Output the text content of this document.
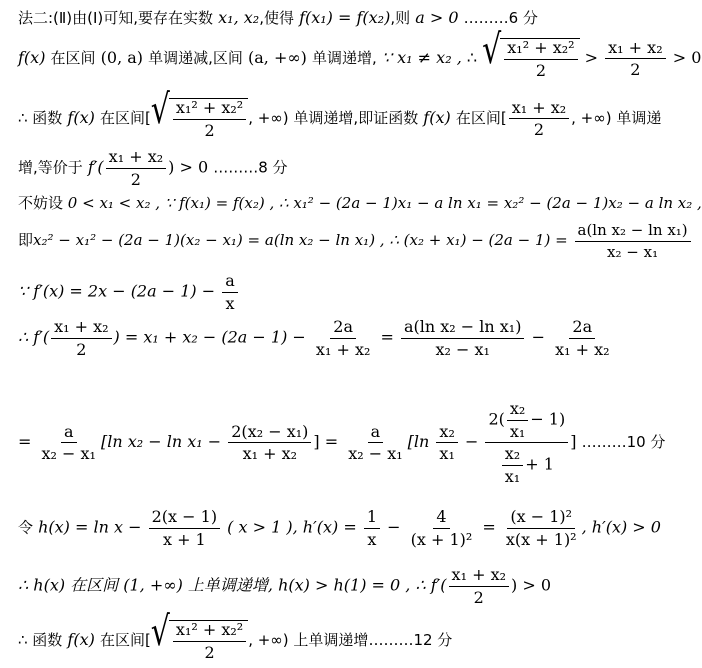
法二:(Ⅱ)由(Ⅰ)可知,要存在实数 x₁, x₂,使得 f(x₁) = f(x₂),则 a > 0 ………6 分
f(x) 在区间 (0, a) 单调递减,区间 (a, +∞) 单调递增, ∵ x₁ ≠ x₂ , ∴ √ $\frac{\text{x₁² + x₂²}}{2} > \frac{\text{x₁ + x₂}}{2} > 0$
∴ 函数 f(x) 在区间[ √ $\frac{\text{x₁² + x₂²}}{2}$ , +∞) 单调递增,即证函数 f(x) 在区间[ $\frac{\text{x₁ + x₂}}{2}$ , +∞) 单调递
增,等价于 $f'( \frac{\text{x₁ + x₂}}{2}$ ) > 0 ………8 分
不妨设 0 < x₁ < x₂ , ∵ f(x₁) = f(x₂) , ∴ x₁² − (2a − 1)x₁ − a ln x₁ = x₂² − (2a − 1)x₂ − a ln x₂ ,
即x₂² − x₁² − (2a − 1)(x₂ − x₁) = a(ln x₂ − ln x₁) , ∴ $(x_2 + x_1) - (2a - 1) = \frac{\text{a(ln x₂ − ln x₁)}}{\text{x₂ − x₁}}$
∵ $f'(x) = 2x - (2a - 1) - \frac{a}{x}$
∴ $f'( \frac{\text{x₁ + x₂}}{2}$ ) = $x_1 + x_2 - (2a - 1) - \frac{2a}{\text{x₁ + x₂}} = \frac{\text{a(ln x₂ − ln x₁)}}{\text{x₂ − x₁}} - \frac{2a}{\text{x₁ + x₂}}$
= $\frac{a}{\text{x₂ − x₁}} [\ln$ $x_2 - \ln x_1 - \frac{\text{2(x₂ − x₁)}}{\text{x₁ + x₂}}$ ] = $\frac{a}{\text{x₂ − x₁}} [\ln \frac{\text{x₂}}{\text{x₁}} - \frac{2( \frac{\text{x₂}}{\text{x₁}} - 1)}{\frac{\text{x₂}}{\text{x₁}} + 1}$ ] ………10 分
令 $h(x) = \ln x - \frac{2(x - 1)}{x + 1}$ ( x > 1 ), $h'(x) = \frac{1}{x} - \frac{4}{\text{(x + 1)²}} = \frac{\text{(x − 1)²}}{\text{x(x + 1)²}}$ , h′(x) > 0
∴ h(x) 在区间 (1, +∞) 上单调递增, h(x) > h(1) = 0 , ∴ $f'( \frac{\text{x₁ + x₂}}{2}$ ) > 0
∴ 函数 f(x) 在区间[ √ $\frac{\text{x₁² + x₂²}}{2}$ , +∞) 上单调递增………12 分
